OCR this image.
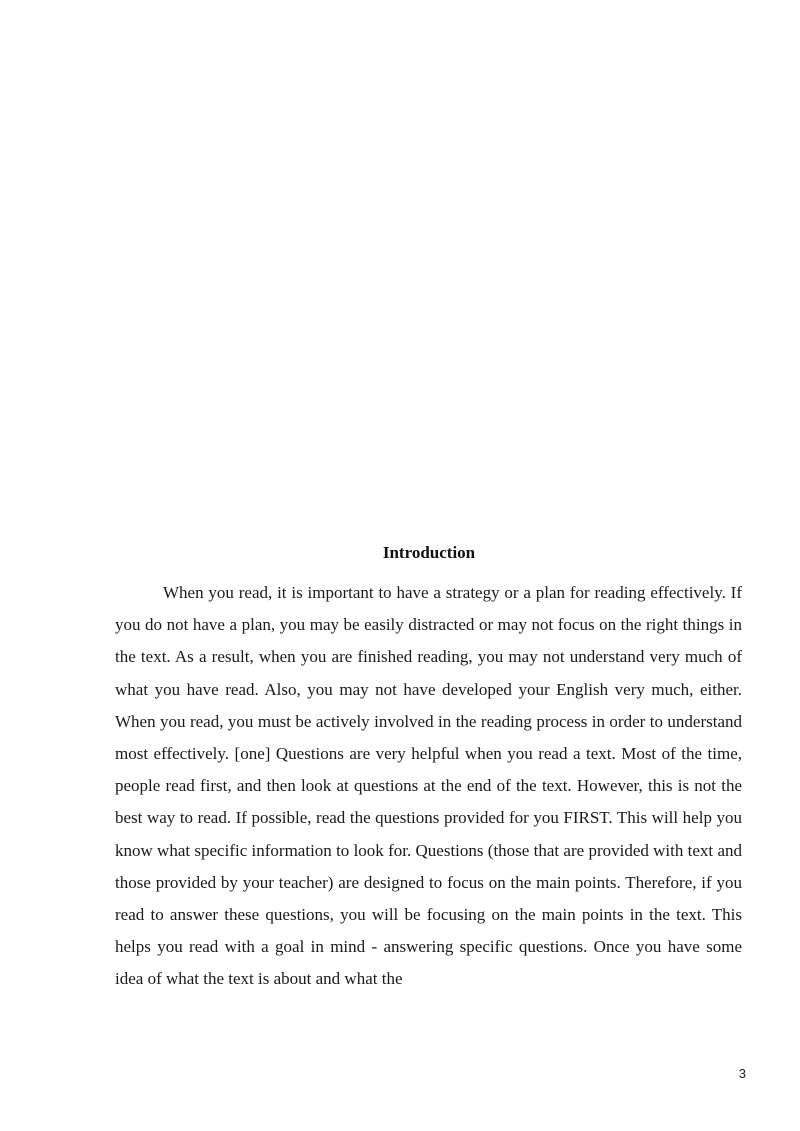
Introduction

When you read, it is important to have a strategy or a plan for reading effectively. If you do not have a plan, you may be easily distracted or may not focus on the right things in the text. As a result, when you are finished reading, you may not understand very much of what you have read. Also, you may not have developed your English very much, either. When you read, you must be actively involved in the reading process in order to understand most effectively. [one] Questions are very helpful when you read a text. Most of the time, people read first, and then look at questions at the end of the text. However, this is not the best way to read. If possible, read the questions provided for you FIRST. This will help you know what specific information to look for. Questions (those that are provided with text and those provided by your teacher) are designed to focus on the main points. Therefore, if you read to answer these questions, you will be focusing on the main points in the text. This helps you read with a goal in mind - answering specific questions. Once you have some idea of what the text is about and what the

3
